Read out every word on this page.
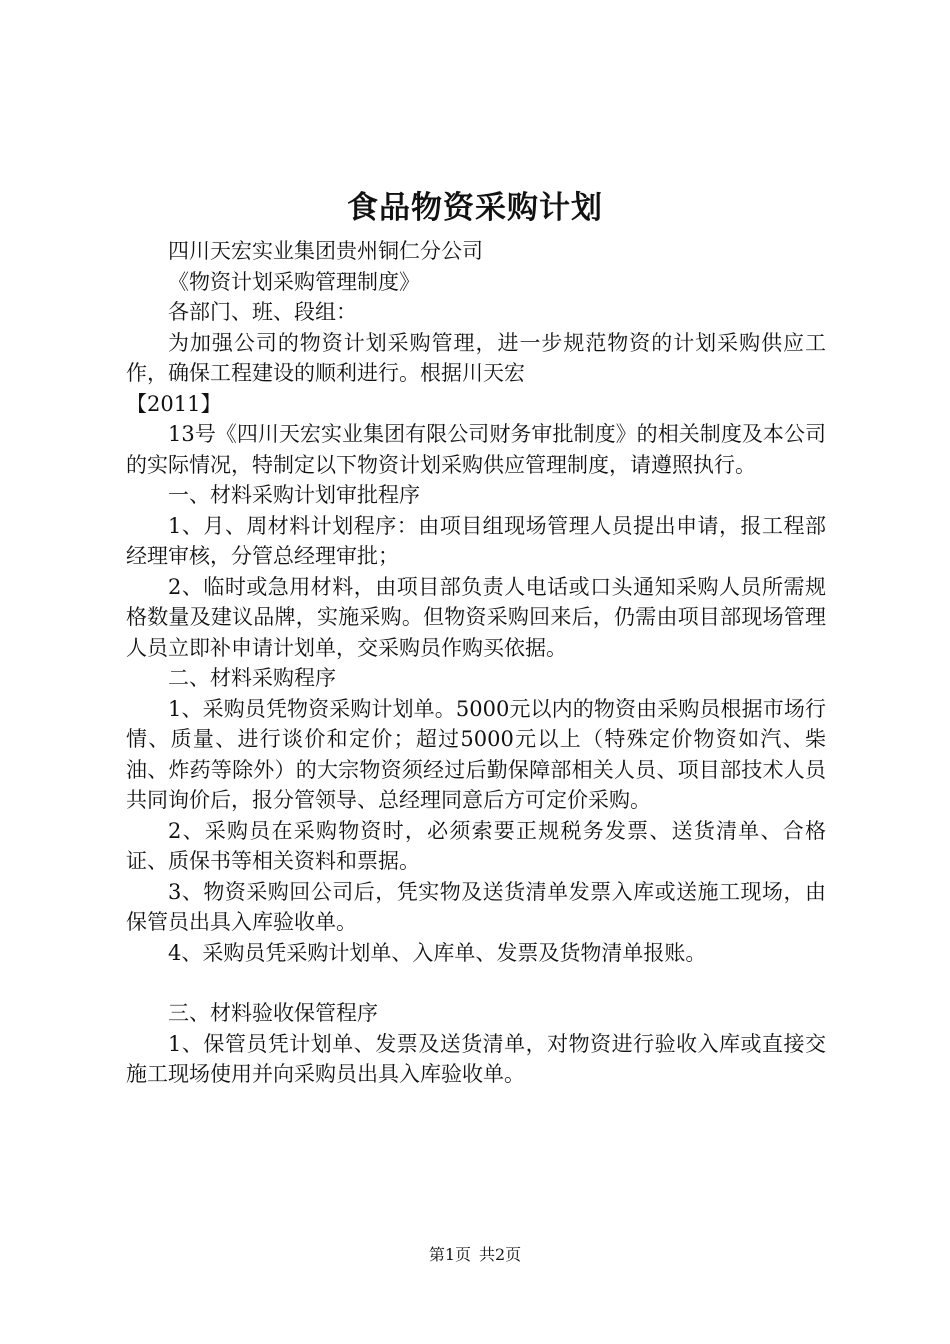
食品物资采购计划

四川天宏实业集团贵州铜仁分公司

《物资计划采购管理制度》

各部门、班、段组：

为加强公司的物资计划采购管理，进一步规范物资的计划采购供应工作，确保工程建设的顺利进行。根据川天宏

【2011】

13号《四川天宏实业集团有限公司财务审批制度》的相关制度及本公司的实际情况，特制定以下物资计划采购供应管理制度，请遵照执行。

一、材料采购计划审批程序

1、月、周材料计划程序：由项目组现场管理人员提出申请，报工程部经理审核，分管总经理审批；

2、临时或急用材料，由项目部负责人电话或口头通知采购人员所需规格数量及建议品牌，实施采购。但物资采购回来后，仍需由项目部现场管理人员立即补申请计划单，交采购员作购买依据。

二、材料采购程序

1、采购员凭物资采购计划单。5000元以内的物资由采购员根据市场行情、质量、进行谈价和定价；超过5000元以上（特殊定价物资如汽、柴油、炸药等除外）的大宗物资须经过后勤保障部相关人员、项目部技术人员共同询价后，报分管领导、总经理同意后方可定价采购。

2、采购员在采购物资时，必须索要正规税务发票、送货清单、合格证、质保书等相关资料和票据。

3、物资采购回公司后，凭实物及送货清单发票入库或送施工现场，由保管员出具入库验收单。

4、采购员凭采购计划单、入库单、发票及货物清单报账。

三、材料验收保管程序

1、保管员凭计划单、发票及送货清单，对物资进行验收入库或直接交施工现场使用并向采购员出具入库验收单。

第1页 共2页
